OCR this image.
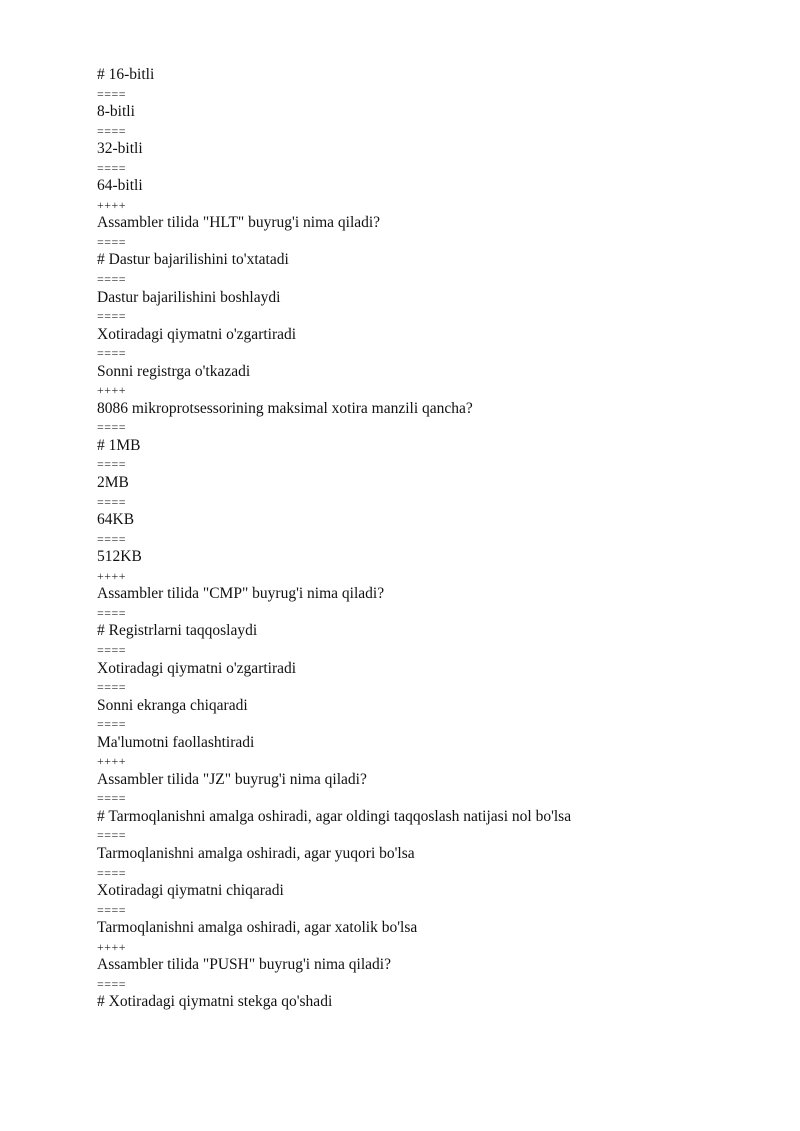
# 16-bitli
====
8-bitli
====
32-bitli
====
64-bitli
++++
Assambler tilida "HLT" buyrug'i nima qiladi?
====
# Dastur bajarilishini to'xtatadi
====
Dastur bajarilishini boshlaydi
====
Xotiradagi qiymatni o'zgartiradi
====
Sonni registrga o'tkazadi
++++
8086 mikroprotsessorining maksimal xotira manzili qancha?
====
# 1MB
====
2MB
====
64KB
====
512KB
++++
Assambler tilida "CMP" buyrug'i nima qiladi?
====
# Registrlarni taqqoslaydi
====
Xotiradagi qiymatni o'zgartiradi
====
Sonni ekranga chiqaradi
====
Ma'lumotni faollashtiradi
++++
Assambler tilida "JZ" buyrug'i nima qiladi?
====
# Tarmoqlanishni amalga oshiradi, agar oldingi taqqoslash natijasi nol bo'lsa
====
Tarmoqlanishni amalga oshiradi, agar yuqori bo'lsa
====
Xotiradagi qiymatni chiqaradi
====
Tarmoqlanishni amalga oshiradi, agar xatolik bo'lsa
++++
Assambler tilida "PUSH" buyrug'i nima qiladi?
====
# Xotiradagi qiymatni stekga qo'shadi
